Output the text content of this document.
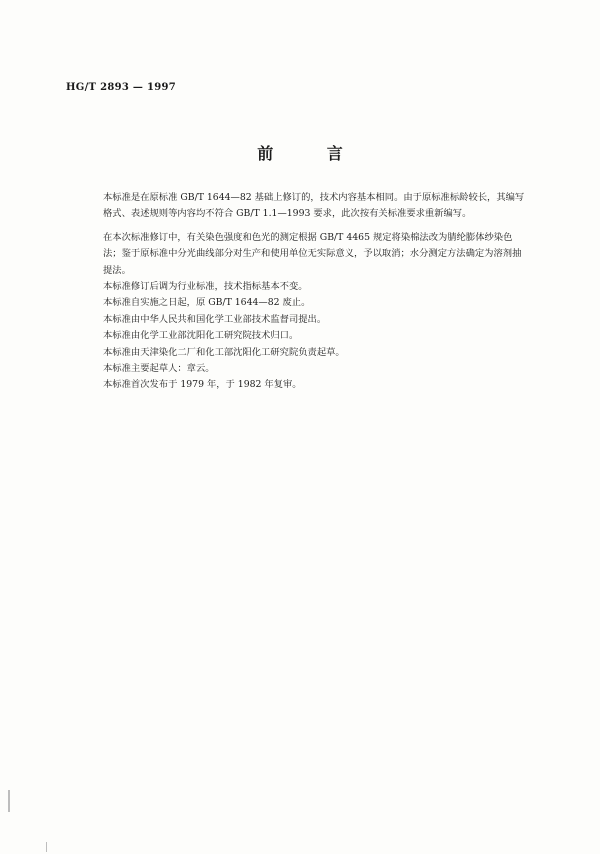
HG/T 2893 — 1997
前 言

本标准是在原标准 GB/T 1644—82 基础上修订的，技术内容基本相同。由于原标准标龄较长，其编写格式、表述规则等内容均不符合 GB/T 1.1—1993 要求，此次按有关标准要求重新编写。

在本次标准修订中，有关染色强度和色光的测定根据 GB/T 4465 规定将染棉法改为腈纶膨体纱染色法；鉴于原标准中分光曲线部分对生产和使用单位无实际意义，予以取消；水分测定方法确定为溶剂抽提法。

本标准修订后调为行业标准，技术指标基本不变。

本标准自实施之日起，原 GB/T 1644—82 废止。

本标准由中华人民共和国化学工业部技术监督司提出。

本标准由化学工业部沈阳化工研究院技术归口。

本标准由天津染化二厂和化工部沈阳化工研究院负责起草。

本标准主要起草人：章云。

本标准首次发布于 1979 年，于 1982 年复审。
